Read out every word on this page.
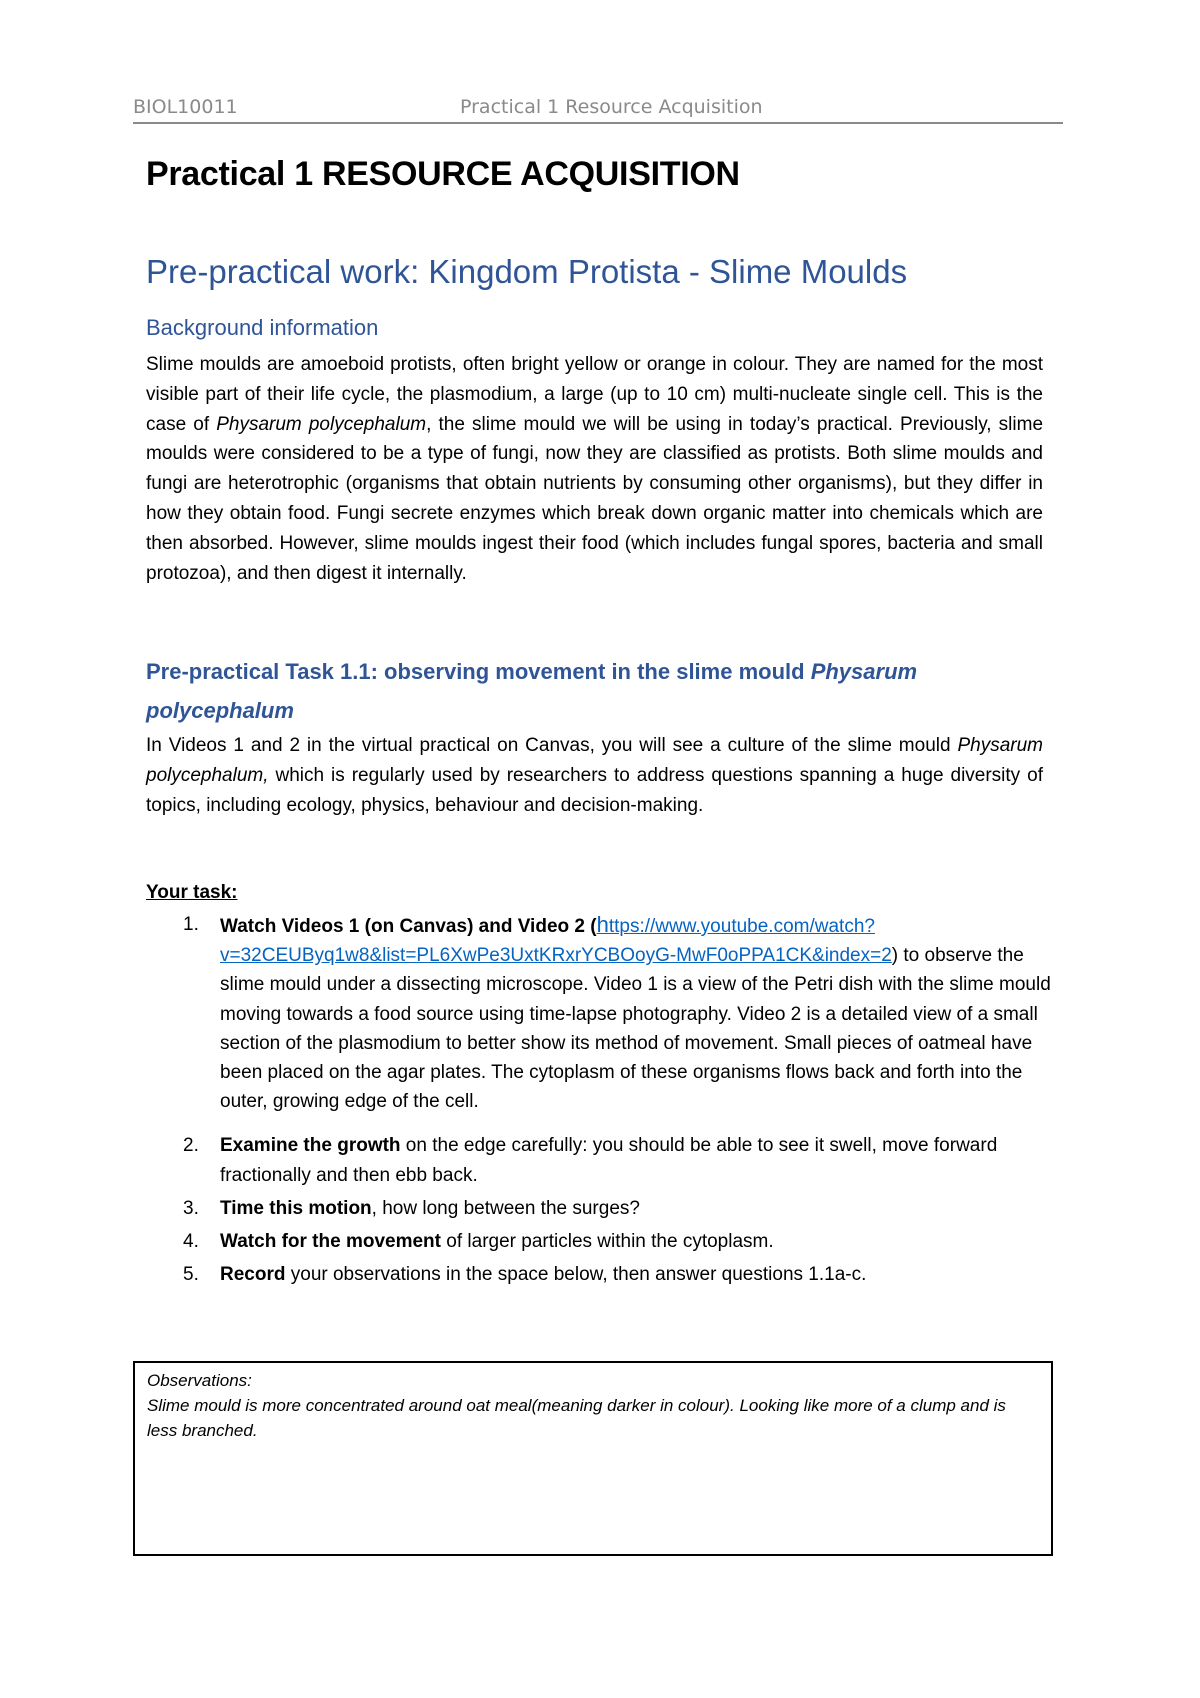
BIOL10011	Practical 1 Resource Acquisition
Practical 1 RESOURCE ACQUISITION
Pre-practical work: Kingdom Protista - Slime Moulds
Background information

Slime moulds are amoeboid protists, often bright yellow or orange in colour. They are named for the most visible part of their life cycle, the plasmodium, a large (up to 10 cm) multi-nucleate single cell. This is the case of Physarum polycephalum, the slime mould we will be using in today’s practical. Previously, slime moulds were considered to be a type of fungi, now they are classified as protists. Both slime moulds and fungi are heterotrophic (organisms that obtain nutrients by consuming other organisms), but they differ in how they obtain food. Fungi secrete enzymes which break down organic matter into chemicals which are then absorbed. However, slime moulds ingest their food (which includes fungal spores, bacteria and small protozoa), and then digest it internally.

Pre-practical Task 1.1: observing movement in the slime mould Physarum polycephalum

In Videos 1 and 2 in the virtual practical on Canvas, you will see a culture of the slime mould Physarum polycephalum, which is regularly used by researchers to address questions spanning a huge diversity of topics, including ecology, physics, behaviour and decision-making.

Your task:

1. Watch Videos 1 (on Canvas) and Video 2 (https://www.youtube.com/watch?v=32CEUByq1w8&list=PL6XwPe3UxtKRxrYCBOoyG-MwF0oPPA1CK&index=2) to observe the slime mould under a dissecting microscope. Video 1 is a view of the Petri dish with the slime mould moving towards a food source using time-lapse photography. Video 2 is a detailed view of a small section of the plasmodium to better show its method of movement. Small pieces of oatmeal have been placed on the agar plates. The cytoplasm of these organisms flows back and forth into the outer, growing edge of the cell.
2. Examine the growth on the edge carefully: you should be able to see it swell, move forward fractionally and then ebb back.
3. Time this motion, how long between the surges?
4. Watch for the movement of larger particles within the cytoplasm.
5. Record your observations in the space below, then answer questions 1.1a-c.

Observations:

Slime mould is more concentrated around oat meal(meaning darker in colour). Looking like more of a clump and is less branched.
